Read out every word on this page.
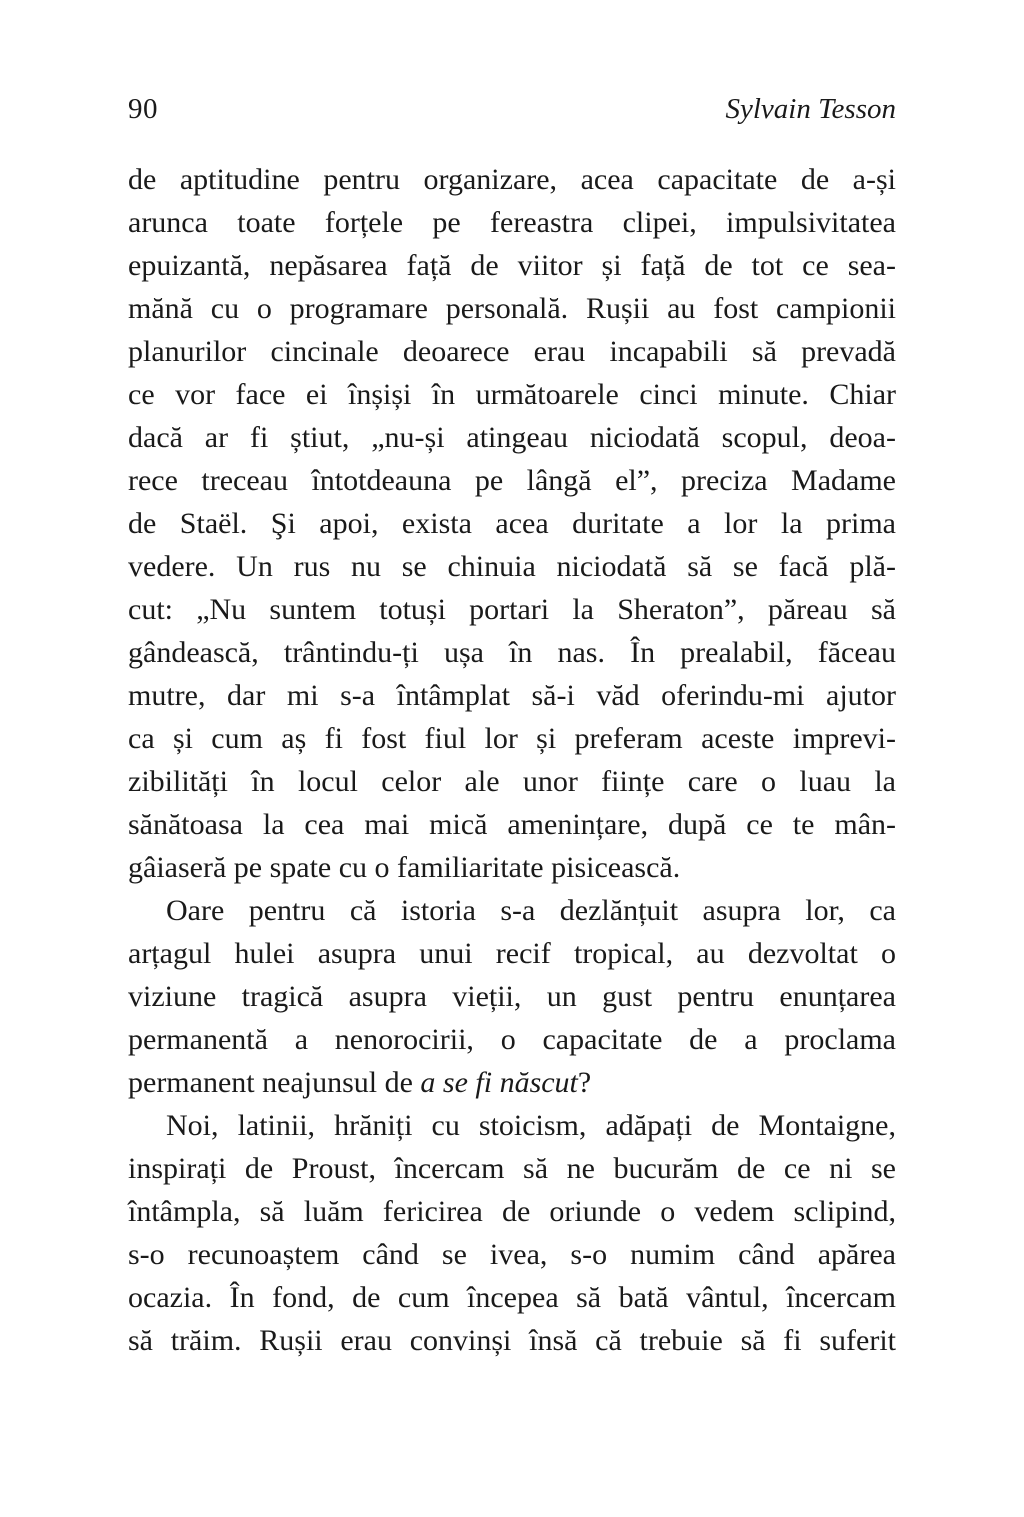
90	Sylvain Tesson
de aptitudine pentru organizare, acea capacitate de a-și
arunca toate forțele pe fereastra clipei, impulsivitatea
epuizantă, nepăsarea față de viitor și față de tot ce sea-
mănă cu o programare personală. Rușii au fost campionii
planurilor cincinale deoarece erau incapabili să prevadă
ce vor face ei înșiși în următoarele cinci minute. Chiar
dacă ar fi știut, „nu-și atingeau niciodată scopul, deoa-
rece treceau întotdeauna pe lângă el”, preciza Madame
de Staël. Şi apoi, exista acea duritate a lor la prima
vedere. Un rus nu se chinuia niciodată să se facă plă-
cut: „Nu suntem totuși portari la Sheraton”, păreau să
gândească, trântindu-ți ușa în nas. În prealabil, făceau
mutre, dar mi s-a întâmplat să-i văd oferindu-mi ajutor
ca și cum aș fi fost fiul lor și preferam aceste imprevi-
zibilități în locul celor ale unor ființe care o luau la
sănătoasa la cea mai mică amenințare, după ce te mân-
gâiaseră pe spate cu o familiaritate pisicească.
Oare pentru că istoria s-a dezlănțuit asupra lor, ca
arțagul hulei asupra unui recif tropical, au dezvoltat o
viziune tragică asupra vieții, un gust pentru enunțarea
permanentă a nenorocirii, o capacitate de a proclama
permanent neajunsul de a se fi născut?
Noi, latinii, hrăniți cu stoicism, adăpați de Montaigne,
inspirați de Proust, încercam să ne bucurăm de ce ni se
întâmpla, să luăm fericirea de oriunde o vedem sclipind,
s-o recunoaștem când se ivea, s-o numim când apărea
ocazia. În fond, de cum începea să bată vântul, încercam
să trăim. Rușii erau convinși însă că trebuie să fi suferit
